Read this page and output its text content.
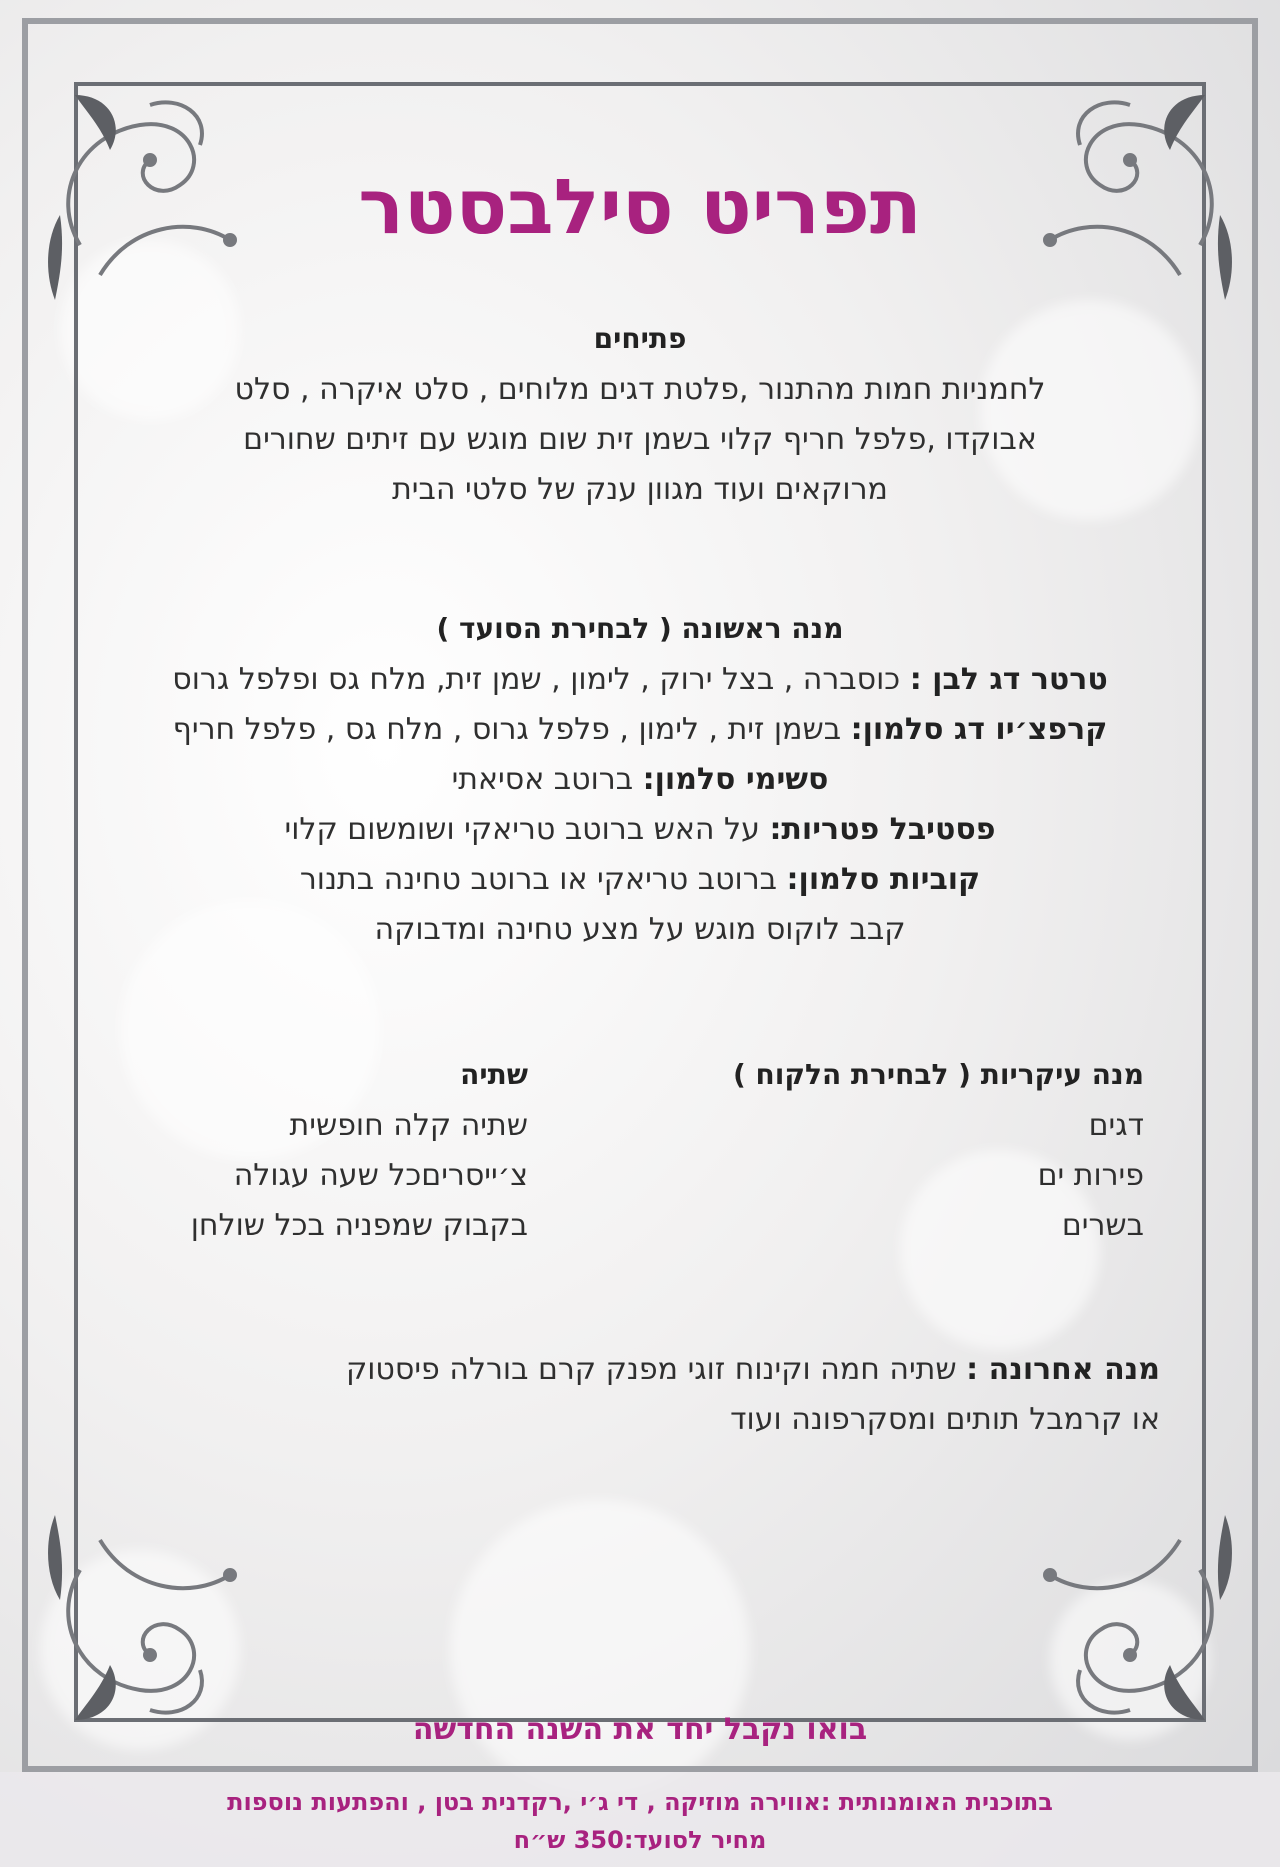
תפריט סילבסטר
פתיחים
לחמניות חמות מהתנור ,פלטת דגים מלוחים , סלט איקרה , סלט
אבוקדו ,פלפל חריף קלוי בשמן זית שום מוגש עם זיתים שחורים
מרוקאים ועוד מגוון ענק של סלטי הבית
מנה ראשונה ( לבחירת הסועד )
טרטר דג לבן : כוסברה , בצל ירוק , לימון , שמן זית, מלח גס ופלפל גרוס
קרפצ׳יו דג סלמון: בשמן זית , לימון , פלפל גרוס , מלח גס , פלפל חריף
סשימי סלמון: ברוטב אסיאתי
פסטיבל פטריות: על האש ברוטב טריאקי ושומשום קלוי
קוביות סלמון: ברוטב טריאקי או ברוטב טחינה בתנור
קבב לוקוס מוגש על מצע טחינה ומדבוקה
מנה עיקריות ( לבחירת הלקוח )
דגים
פירות ים
בשרים
שתיה
שתיה קלה חופשית
צ׳ייסריםכל שעה עגולה
בקבוק שמפניה בכל שולחן
מנה אחרונה : שתיה חמה וקינוח זוגי מפנק קרם בורלה פיסטוק
או קרמבל תותים ומסקרפונה ועוד
בואו נקבל יחד את השנה החדשה
בתוכנית האומנותית :אווירה מוזיקה , די ג׳י ,רקדנית בטן , והפתעות נוספות
מחיר לסועד:350 ש״ח
